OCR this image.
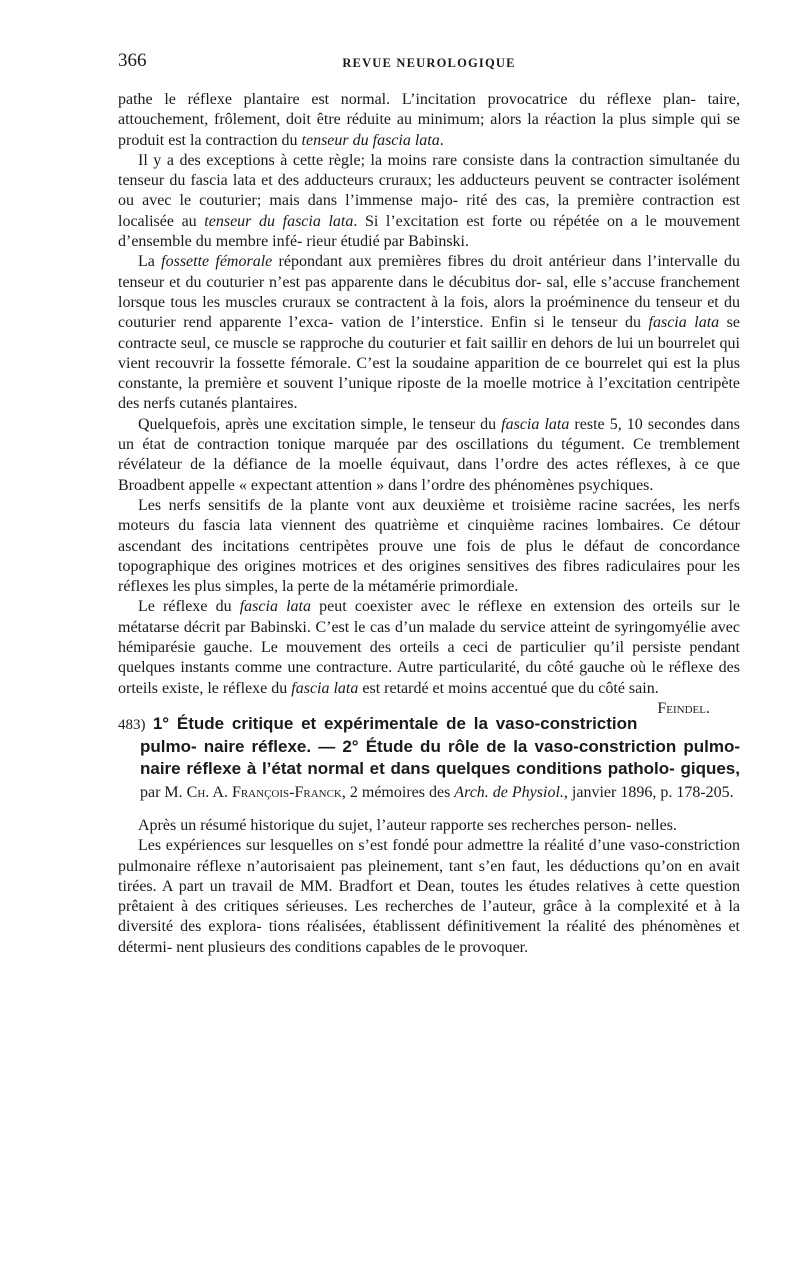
366	REVUE NEUROLOGIQUE

pathe le réflexe plantaire est normal. L’incitation provocatrice du réflexe plan- taire, attouchement, frôlement, doit être réduite au minimum; alors la réaction la plus simple qui se produit est la contraction du tenseur du fascia lata.

Il y a des exceptions à cette règle; la moins rare consiste dans la contraction simultanée du tenseur du fascia lata et des adducteurs cruraux; les adducteurs peuvent se contracter isolément ou avec le couturier; mais dans l’immense majo- rité des cas, la première contraction est localisée au tenseur du fascia lata. Si l’excitation est forte ou répétée on a le mouvement d’ensemble du membre infé- rieur étudié par Babinski.

La fossette fémorale répondant aux premières fibres du droit antérieur dans l’intervalle du tenseur et du couturier n’est pas apparente dans le décubitus dor- sal, elle s’accuse franchement lorsque tous les muscles cruraux se contractent à la fois, alors la proéminence du tenseur et du couturier rend apparente l’exca- vation de l’interstice. Enfin si le tenseur du fascia lata se contracte seul, ce muscle se rapproche du couturier et fait saillir en dehors de lui un bourrelet qui vient recouvrir la fossette fémorale. C’est la soudaine apparition de ce bourrelet qui est la plus constante, la première et souvent l’unique riposte de la moelle motrice à l’excitation centripète des nerfs cutanés plantaires.

Quelquefois, après une excitation simple, le tenseur du fascia lata reste 5, 10 secondes dans un état de contraction tonique marquée par des oscillations du tégument. Ce tremblement révélateur de la défiance de la moelle équivaut, dans l’ordre des actes réflexes, à ce que Broadbent appelle « expectant attention » dans l’ordre des phénomènes psychiques.

Les nerfs sensitifs de la plante vont aux deuxième et troisième racine sacrées, les nerfs moteurs du fascia lata viennent des quatrième et cinquième racines lombaires. Ce détour ascendant des incitations centripètes prouve une fois de plus le défaut de concordance topographique des origines motrices et des origines sensitives des fibres radiculaires pour les réflexes les plus simples, la perte de la métamérie primordiale.

Le réflexe du fascia lata peut coexister avec le réflexe en extension des orteils sur le métatarse décrit par Babinski. C’est le cas d’un malade du service atteint de syringomyélie avec hémiparésie gauche. Le mouvement des orteils a ceci de particulier qu’il persiste pendant quelques instants comme une contracture. Autre particularité, du côté gauche où le réflexe des orteils existe, le réflexe du fascia lata est retardé et moins accentué que du côté sain.
Feindel.

483) 1° Étude critique et expérimentale de la vaso-constriction pulmo- naire réflexe. — 2° Étude du rôle de la vaso-constriction pulmo- naire réflexe à l’état normal et dans quelques conditions patholo- giques, par M. Ch. A. François-Franck, 2 mémoires des Arch. de Physiol., janvier 1896, p. 178-205.

Après un résumé historique du sujet, l’auteur rapporte ses recherches person- nelles.

Les expériences sur lesquelles on s’est fondé pour admettre la réalité d’une vaso-constriction pulmonaire réflexe n’autorisaient pas pleinement, tant s’en faut, les déductions qu’on en avait tirées. A part un travail de MM. Bradfort et Dean, toutes les études relatives à cette question prêtaient à des critiques sérieuses. Les recherches de l’auteur, grâce à la complexité et à la diversité des explora- tions réalisées, établissent définitivement la réalité des phénomènes et détermi- nent plusieurs des conditions capables de le provoquer.
